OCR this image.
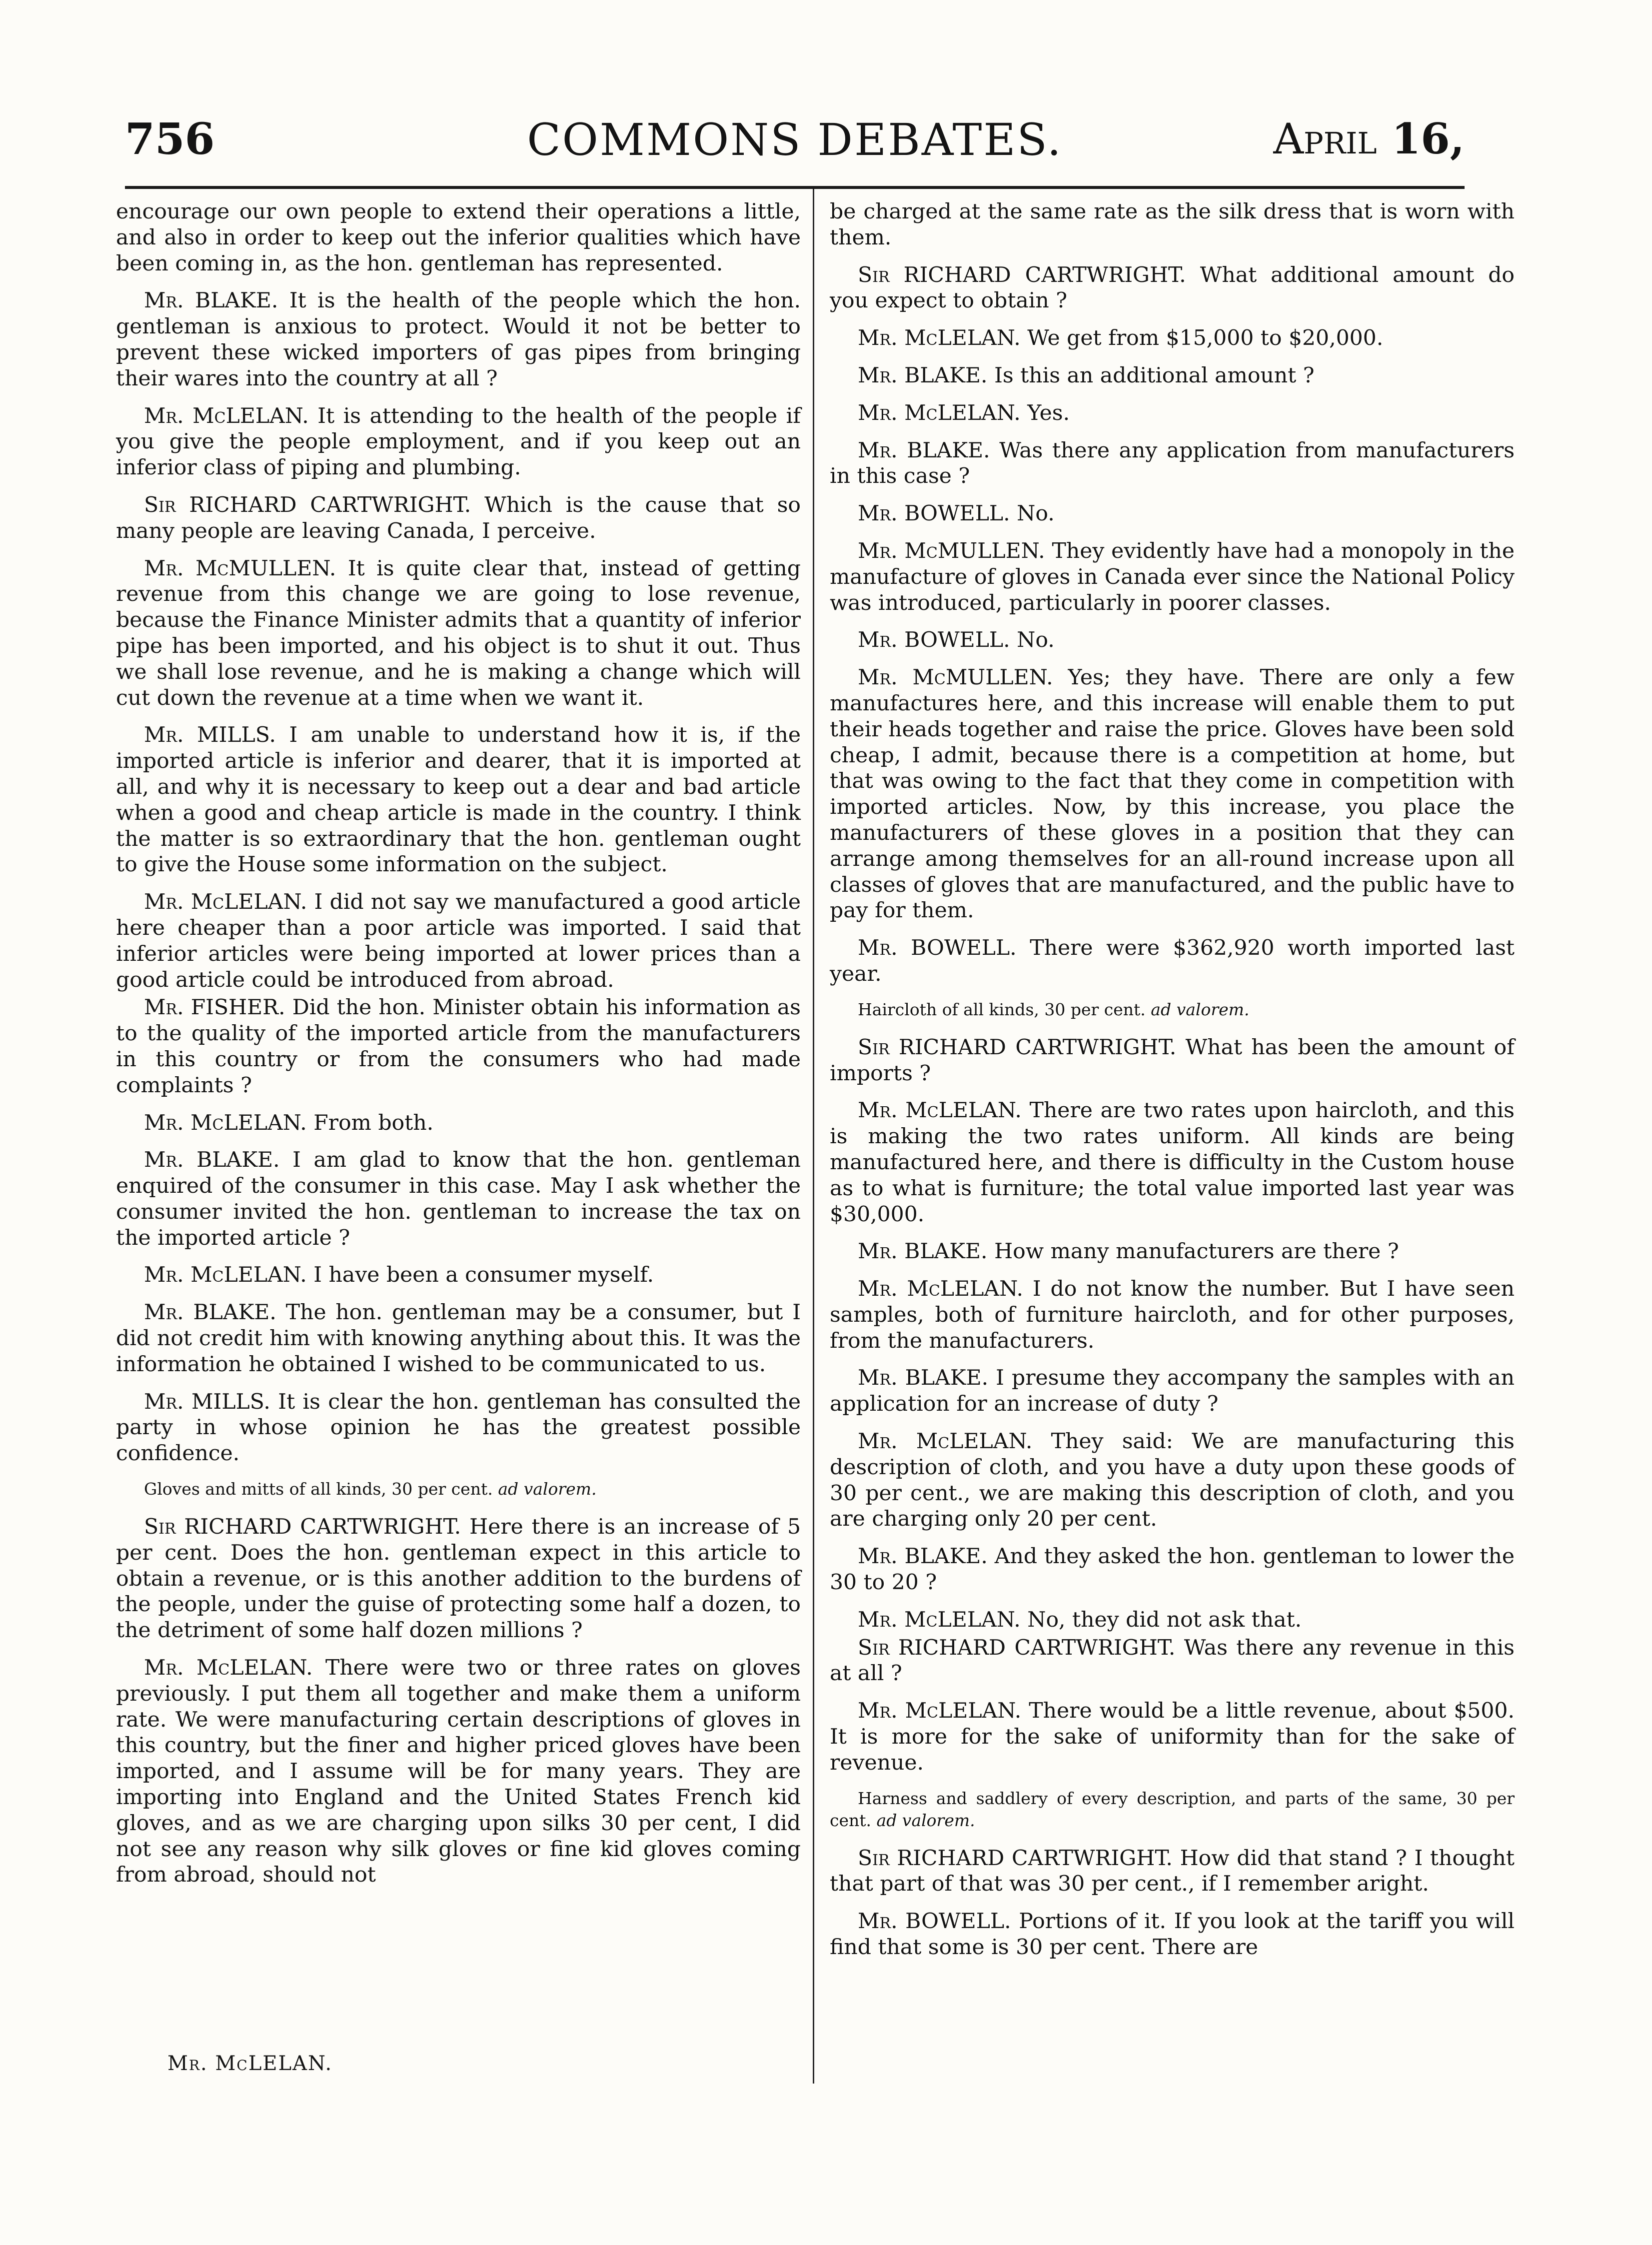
756	COMMONS DEBATES.	April 16,

encourage our own people to extend their operations a little, and also in order to keep out the inferior qualities which have been coming in, as the hon. gentleman has represented.

Mr. BLAKE. It is the health of the people which the hon. gentleman is anxious to protect. Would it not be better to prevent these wicked importers of gas pipes from bringing their wares into the country at all ?

Mr. McLELAN. It is attending to the health of the people if you give the people employment, and if you keep out an inferior class of piping and plumbing.

Sir RICHARD CARTWRIGHT. Which is the cause that so many people are leaving Canada, I perceive.

Mr. McMULLEN. It is quite clear that, instead of getting revenue from this change we are going to lose revenue, because the Finance Minister admits that a quantity of inferior pipe has been imported, and his object is to shut it out. Thus we shall lose revenue, and he is making a change which will cut down the revenue at a time when we want it.

Mr. MILLS. I am unable to understand how it is, if the imported article is inferior and dearer, that it is imported at all, and why it is necessary to keep out a dear and bad article when a good and cheap article is made in the country. I think the matter is so extraordinary that the hon. gentleman ought to give the House some information on the subject.

Mr. McLELAN. I did not say we manufactured a good article here cheaper than a poor article was imported. I said that inferior articles were being imported at lower prices than a good article could be introduced from abroad.

Mr. FISHER. Did the hon. Minister obtain his information as to the quality of the imported article from the manufacturers in this country or from the consumers who had made complaints ?

Mr. McLELAN. From both.

Mr. BLAKE. I am glad to know that the hon. gentleman enquired of the consumer in this case. May I ask whether the consumer invited the hon. gentleman to increase the tax on the imported article ?

Mr. McLELAN. I have been a consumer myself.

Mr. BLAKE. The hon. gentleman may be a consumer, but I did not credit him with knowing anything about this. It was the information he obtained I wished to be communicated to us.

Mr. MILLS. It is clear the hon. gentleman has consulted the party in whose opinion he has the greatest possible confidence.

Gloves and mitts of all kinds, 30 per cent. ad valorem.

Sir RICHARD CARTWRIGHT. Here there is an increase of 5 per cent. Does the hon. gentleman expect in this article to obtain a revenue, or is this another addition to the burdens of the people, under the guise of protecting some half a dozen, to the detriment of some half dozen millions ?

Mr. McLELAN. There were two or three rates on gloves previously. I put them all together and make them a uniform rate. We were manufacturing certain descriptions of gloves in this country, but the finer and higher priced gloves have been imported, and I assume will be for many years. They are importing into England and the United States French kid gloves, and as we are charging upon silks 30 per cent, I did not see any reason why silk gloves or fine kid gloves coming from abroad, should not

Mr. McLELAN.

be charged at the same rate as the silk dress that is worn with them.

Sir RICHARD CARTWRIGHT. What additional amount do you expect to obtain ?

Mr. McLELAN. We get from $15,000 to $20,000.

Mr. BLAKE. Is this an additional amount ?

Mr. McLELAN. Yes.

Mr. BLAKE. Was there any application from manufacturers in this case ?

Mr. BOWELL. No.

Mr. McMULLEN. They evidently have had a monopoly in the manufacture of gloves in Canada ever since the National Policy was introduced, particularly in poorer classes.

Mr. BOWELL. No.

Mr. McMULLEN. Yes; they have. There are only a few manufactures here, and this increase will enable them to put their heads together and raise the price. Gloves have been sold cheap, I admit, because there is a competition at home, but that was owing to the fact that they come in competition with imported articles. Now, by this increase, you place the manufacturers of these gloves in a position that they can arrange among themselves for an all-round increase upon all classes of gloves that are manufactured, and the public have to pay for them.

Mr. BOWELL. There were $362,920 worth imported last year.

Haircloth of all kinds, 30 per cent. ad valorem.

Sir RICHARD CARTWRIGHT. What has been the amount of imports ?

Mr. McLELAN. There are two rates upon haircloth, and this is making the two rates uniform. All kinds are being manufactured here, and there is difficulty in the Custom house as to what is furniture; the total value imported last year was $30,000.

Mr. BLAKE. How many manufacturers are there ?

Mr. McLELAN. I do not know the number. But I have seen samples, both of furniture haircloth, and for other purposes, from the manufacturers.

Mr. BLAKE. I presume they accompany the samples with an application for an increase of duty ?

Mr. McLELAN. They said: We are manufacturing this description of cloth, and you have a duty upon these goods of 30 per cent., we are making this description of cloth, and you are charging only 20 per cent.

Mr. BLAKE. And they asked the hon. gentleman to lower the 30 to 20 ?

Mr. McLELAN. No, they did not ask that.

Sir RICHARD CARTWRIGHT. Was there any revenue in this at all ?

Mr. McLELAN. There would be a little revenue, about $500. It is more for the sake of uniformity than for the sake of revenue.

Harness and saddlery of every description, and parts of the same, 30 per cent. ad valorem.

Sir RICHARD CARTWRIGHT. How did that stand ? I thought that part of that was 30 per cent., if I remember aright.

Mr. BOWELL. Portions of it. If you look at the tariff you will find that some is 30 per cent. There are
